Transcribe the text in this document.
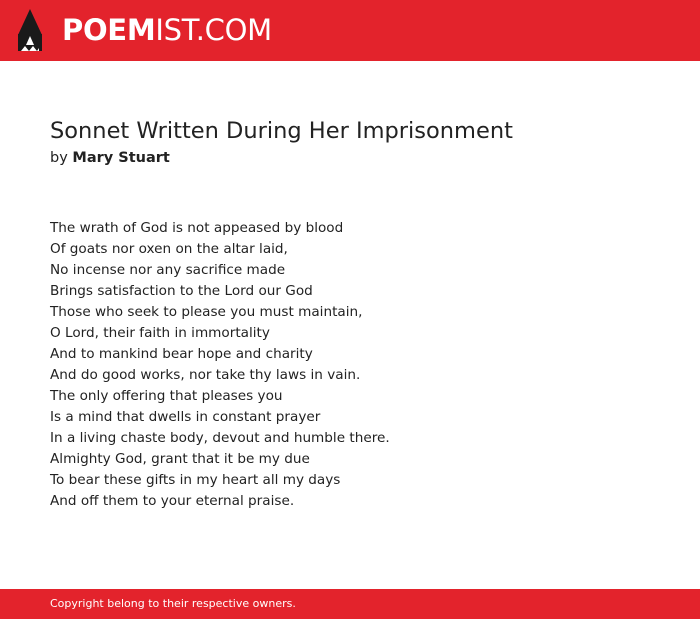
POEMIST.COM
Sonnet Written During Her Imprisonment
by Mary Stuart
The wrath of God is not appeased by blood
Of goats nor oxen on the altar laid,
No incense nor any sacrifice made
Brings satisfaction to the Lord our God
Those who seek to please you must maintain,
O Lord, their faith in immortality
And to mankind bear hope and charity
And do good works, nor take thy laws in vain.
The only offering that pleases you
Is a mind that dwells in constant prayer
In a living chaste body, devout and humble there.
Almighty God, grant that it be my due
To bear these gifts in my heart all my days
And off them to your eternal praise.
Copyright belong to their respective owners.
